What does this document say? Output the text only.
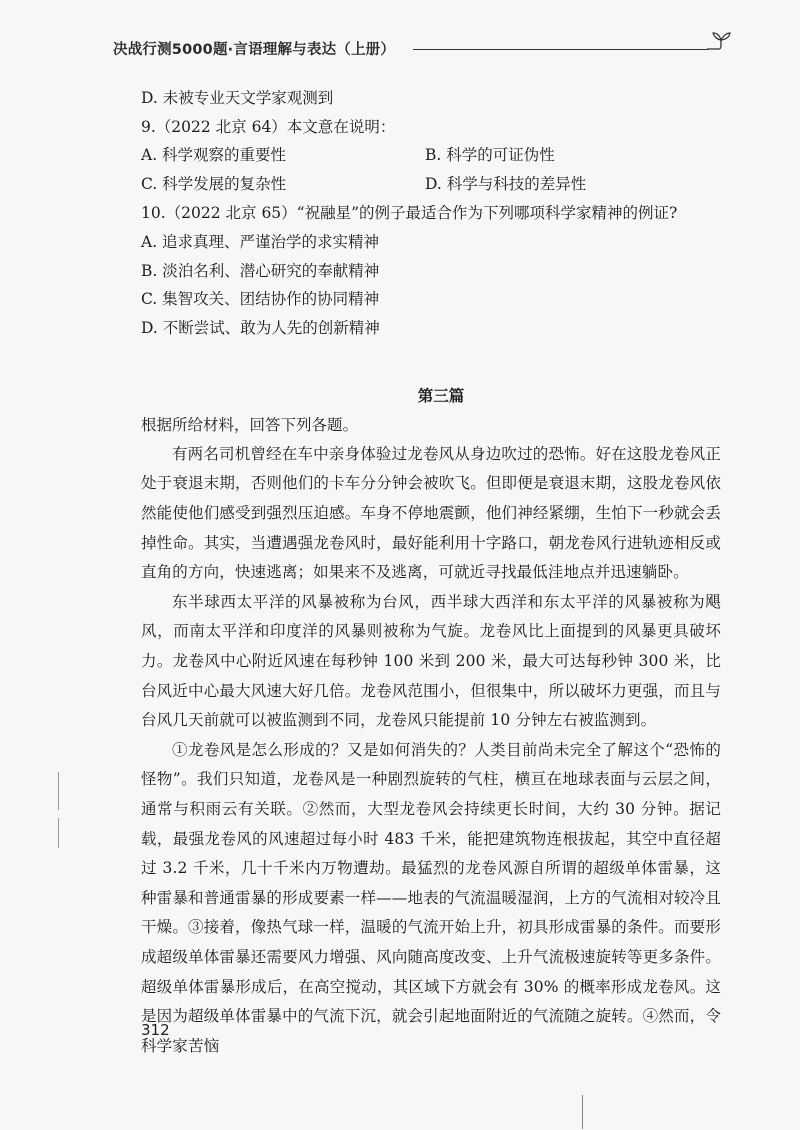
决战行测5000题·言语理解与表达（上册）
D. 未被专业天文学家观测到
9.（2022 北京 64）本文意在说明：
A. 科学观察的重要性	B. 科学的可证伪性
C. 科学发展的复杂性	D. 科学与科技的差异性
10.（2022 北京 65）“祝融星”的例子最适合作为下列哪项科学家精神的例证?
A. 追求真理、严谨治学的求实精神
B. 淡泊名利、潜心研究的奉献精神
C. 集智攻关、团结协作的协同精神
D. 不断尝试、敢为人先的创新精神
第三篇
根据所给材料，回答下列各题。

有两名司机曾经在车中亲身体验过龙卷风从身边吹过的恐怖。好在这股龙卷风正处于衰退末期，否则他们的卡车分分钟会被吹飞。但即便是衰退末期，这股龙卷风依然能使他们感受到强烈压迫感。车身不停地震颤，他们神经紧绷，生怕下一秒就会丢掉性命。其实，当遭遇强龙卷风时，最好能利用十字路口，朝龙卷风行进轨迹相反或直角的方向，快速逃离；如果来不及逃离，可就近寻找最低洼地点并迅速躺卧。

东半球西太平洋的风暴被称为台风，西半球大西洋和东太平洋的风暴被称为飓风，而南太平洋和印度洋的风暴则被称为气旋。龙卷风比上面提到的风暴更具破坏力。龙卷风中心附近风速在每秒钟 100 米到 200 米，最大可达每秒钟 300 米，比台风近中心最大风速大好几倍。龙卷风范围小，但很集中，所以破坏力更强，而且与台风几天前就可以被监测到不同，龙卷风只能提前 10 分钟左右被监测到。

①龙卷风是怎么形成的？又是如何消失的？人类目前尚未完全了解这个“恐怖的怪物”。我们只知道，龙卷风是一种剧烈旋转的气柱，横亘在地球表面与云层之间，通常与积雨云有关联。②然而，大型龙卷风会持续更长时间，大约 30 分钟。据记载，最强龙卷风的风速超过每小时 483 千米，能把建筑物连根拔起，其空中直径超过 3.2 千米，几十千米内万物遭劫。最猛烈的龙卷风源自所谓的超级单体雷暴，这种雷暴和普通雷暴的形成要素一样——地表的气流温暖湿润，上方的气流相对较冷且干燥。③接着，像热气球一样，温暖的气流开始上升，初具形成雷暴的条件。而要形成超级单体雷暴还需要风力增强、风向随高度改变、上升气流极速旋转等更多条件。超级单体雷暴形成后，在高空搅动，其区域下方就会有 30% 的概率形成龙卷风。这是因为超级单体雷暴中的气流下沉，就会引起地面附近的气流随之旋转。④然而，令科学家苦恼

312
